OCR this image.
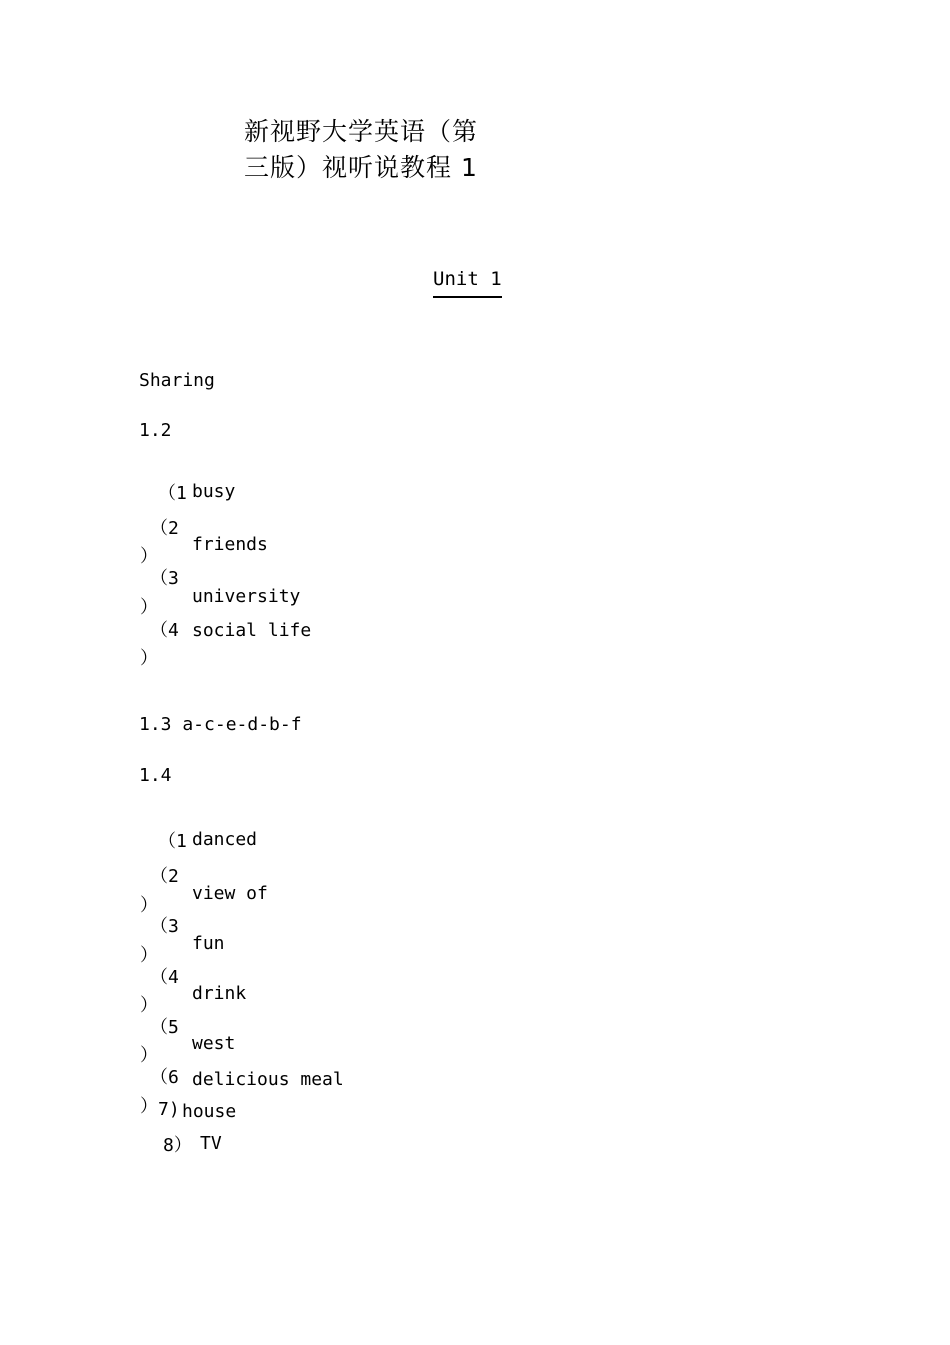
新视野大学英语（第
三版）视听说教程 1
Unit 1
Sharing
1.2
（1
（2
）
（3
）
（4
）
busy
friends
university
social life
1.3 a-c-e-d-b-f
1.4
（1
（2
）
（3
）
（4
）
（5
）
（6
） 7)
8）
danced
view of
fun
drink
west
delicious meal
house
TV
